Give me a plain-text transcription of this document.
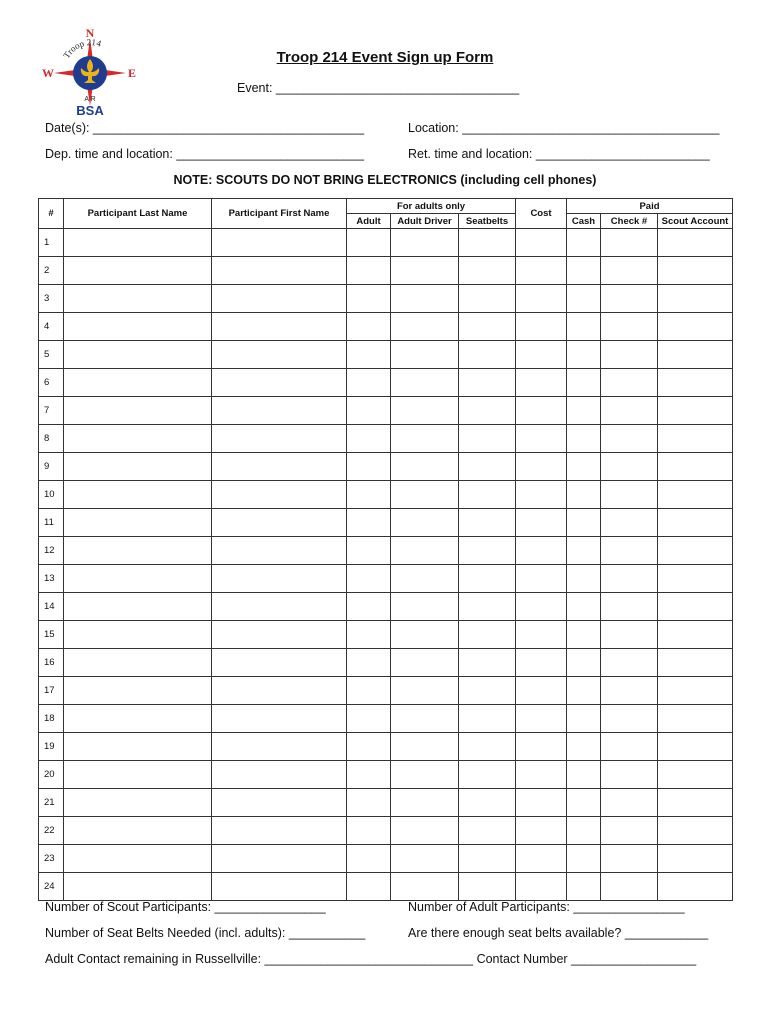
N
W	E
Troop 214
A R
BSA
Troop 214 Event Sign up Form
Event: ___________________________________
Date(s): _______________________________________	Location: _____________________________________
Dep. time and location: ___________________________	Ret. time and location: _________________________
NOTE: SCOUTS DO NOT BRING ELECTRONICS (including cell phones)
#	Participant Last Name	Participant First Name	For adults only			Cost	Paid		
			Adult	Adult Driver	Seatbelts		Cash	Check #	Scout Account
1									
2									
3									
4									
5									
6									
7									
8									
9									
10									
11									
12									
13									
14									
15									
16									
17									
18									
19									
20									
21									
22									
23									
24									
Number of Scout Participants: ________________	Number of Adult Participants: ________________
Number of Seat Belts Needed (incl. adults): ___________	Are there enough seat belts available? ____________
Adult Contact remaining in Russellville: ______________________________ Contact Number __________________
